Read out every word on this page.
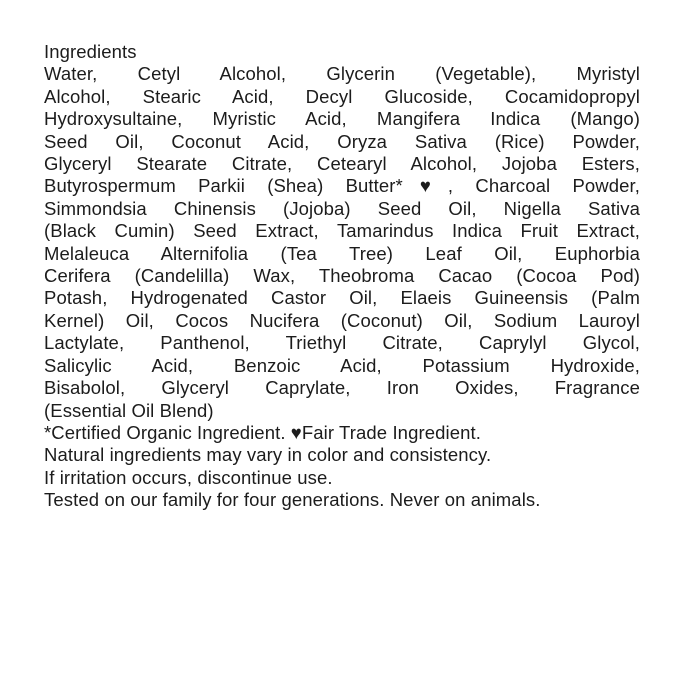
Ingredients
Water, Cetyl Alcohol, Glycerin (Vegetable), Myristyl
Alcohol, Stearic Acid, Decyl Glucoside, Cocamidopropyl
Hydroxysultaine, Myristic Acid, Mangifera Indica (Mango)
Seed Oil, Coconut Acid, Oryza Sativa (Rice) Powder,
Glyceryl Stearate Citrate, Cetearyl Alcohol, Jojoba Esters,
Butyrospermum Parkii (Shea) Butter*♥, Charcoal Powder,
Simmondsia Chinensis (Jojoba) Seed Oil, Nigella Sativa
(Black Cumin) Seed Extract, Tamarindus Indica Fruit Extract,
Melaleuca Alternifolia (Tea Tree) Leaf Oil, Euphorbia
Cerifera (Candelilla) Wax, Theobroma Cacao (Cocoa Pod)
Potash, Hydrogenated Castor Oil, Elaeis Guineensis (Palm
Kernel) Oil, Cocos Nucifera (Coconut) Oil, Sodium Lauroyl
Lactylate, Panthenol, Triethyl Citrate, Caprylyl Glycol,
Salicylic Acid, Benzoic Acid, Potassium Hydroxide,
Bisabolol, Glyceryl Caprylate, Iron Oxides, Fragrance
(Essential Oil Blend)
*Certified Organic Ingredient. ♥Fair Trade Ingredient.
Natural ingredients may vary in color and consistency.
If irritation occurs, discontinue use.
Tested on our family for four generations. Never on animals.
